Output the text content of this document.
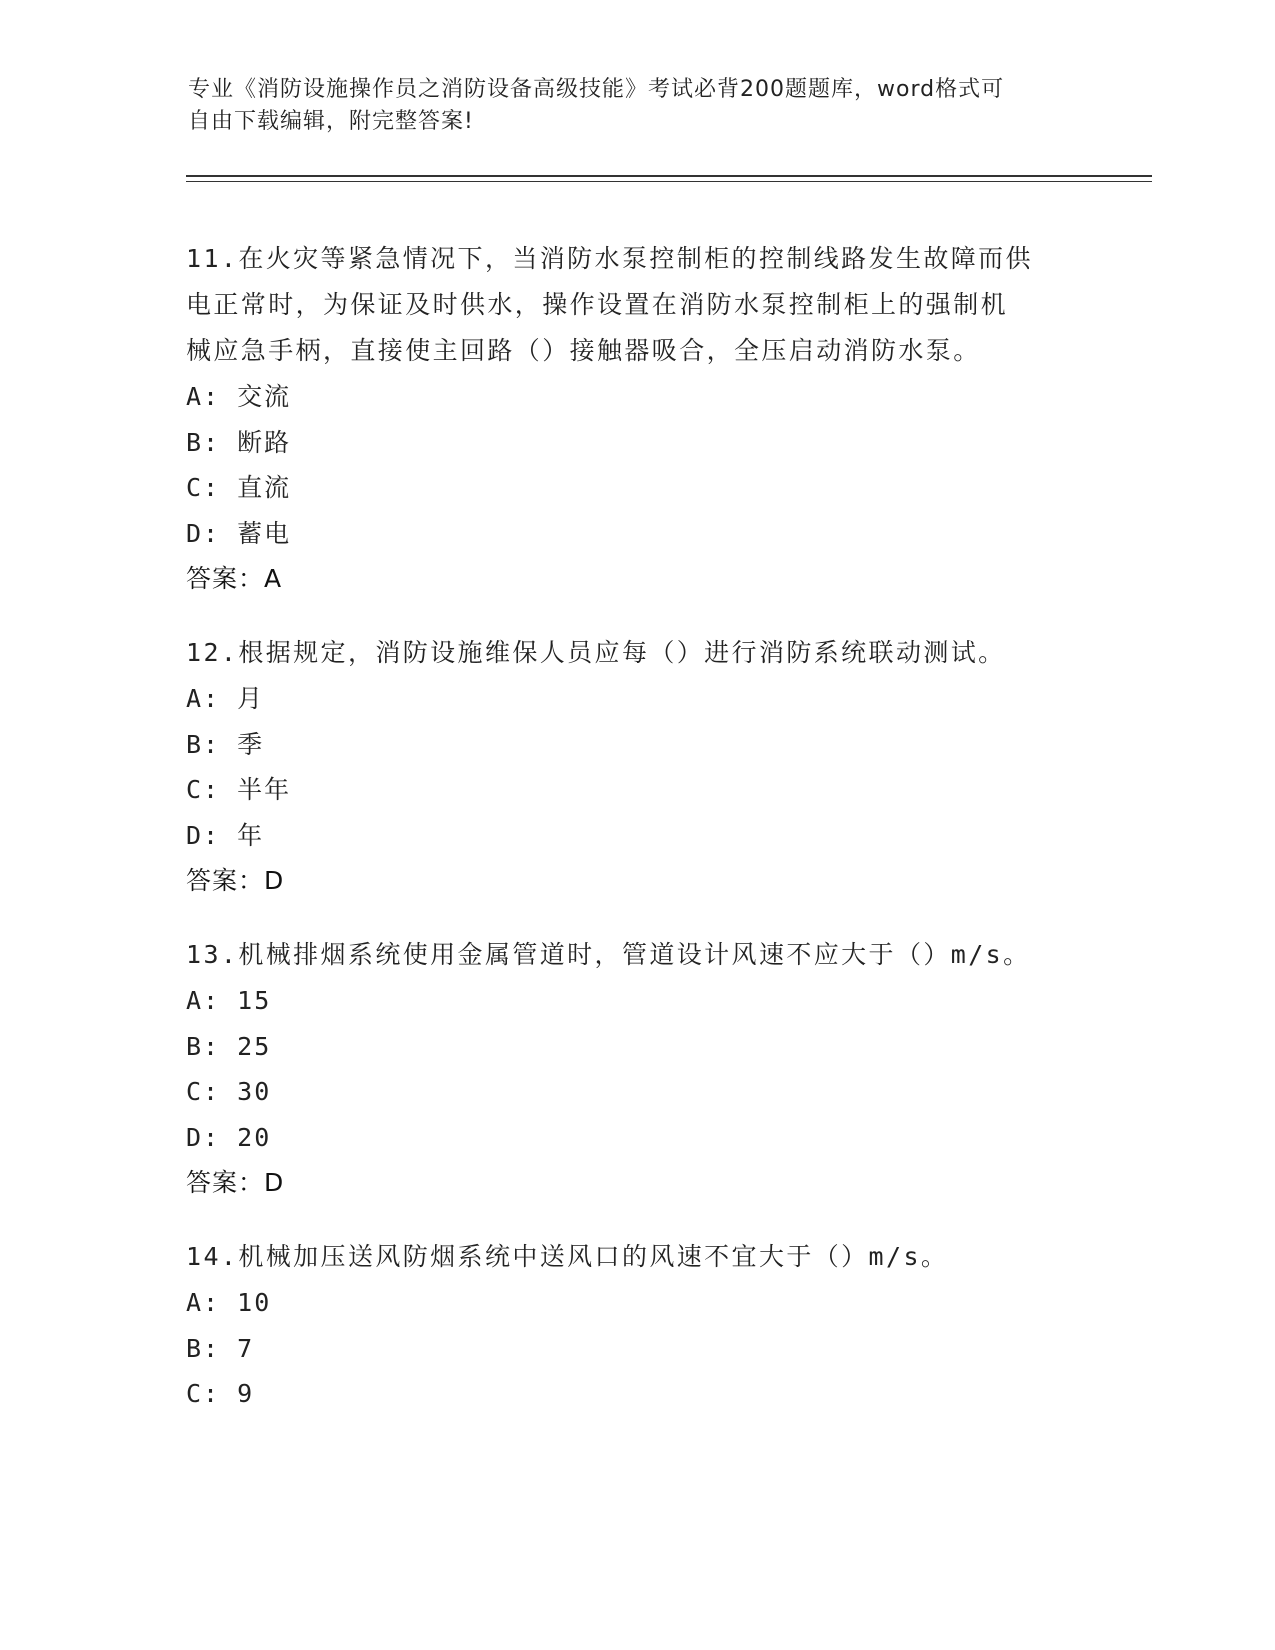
专业《消防设施操作员之消防设备高级技能》考试必背200题题库，word格式可
自由下载编辑，附完整答案!
11.在火灾等紧急情况下，当消防水泵控制柜的控制线路发生故障而供
电正常时，为保证及时供水，操作设置在消防水泵控制柜上的强制机
械应急手柄，直接使主回路（）接触器吸合，全压启动消防水泵。
A: 交流
B: 断路
C: 直流
D: 蓄电
答案：A
12.根据规定，消防设施维保人员应每（）进行消防系统联动测试。
A: 月
B: 季
C: 半年
D: 年
答案：D
13.机械排烟系统使用金属管道时，管道设计风速不应大于（）m/s。
A: 15
B: 25
C: 30
D: 20
答案：D
14.机械加压送风防烟系统中送风口的风速不宜大于（）m/s。
A: 10
B: 7
C: 9
